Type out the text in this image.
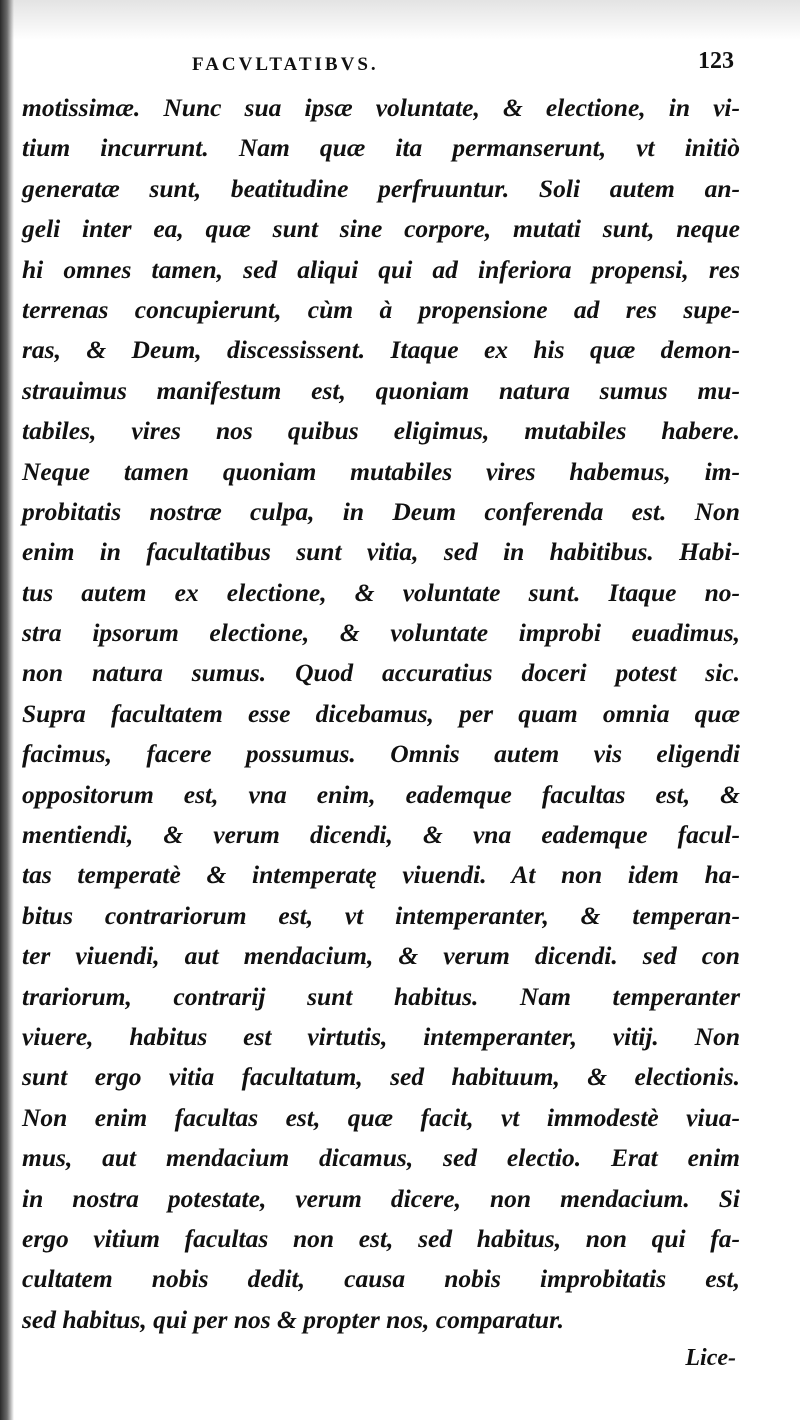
FACVLTATIBVS.	123
motissimæ. Nunc sua ipsæ voluntate, & electione, in vi-
tium incurrunt. Nam quæ ita permanserunt, vt initiò
generatæ sunt, beatitudine perfruuntur. Soli autem an-
geli inter ea, quæ sunt sine corpore, mutati sunt, neque
hi omnes tamen, sed aliqui qui ad inferiora propensi, res
terrenas concupierunt, cùm à propensione ad res supe-
ras, & Deum, discessissent. Itaque ex his quæ demon-
strauimus manifestum est, quoniam natura sumus mu-
tabiles, vires nos quibus eligimus, mutabiles habere.
Neque tamen quoniam mutabiles vires habemus, im-
probitatis nostræ culpa, in Deum conferenda est. Non
enim in facultatibus sunt vitia, sed in habitibus. Habi-
tus autem ex electione, & voluntate sunt. Itaque no-
stra ipsorum electione, & voluntate improbi euadimus,
non natura sumus. Quod accuratius doceri potest sic.
Supra facultatem esse dicebamus, per quam omnia quæ
facimus, facere possumus. Omnis autem vis eligendi
oppositorum est, vna enim, eademque facultas est, &
mentiendi, & verum dicendi, & vna eademque facul-
tas temperatè & intemperatę viuendi. At non idem ha-
bitus contrariorum est, vt intemperanter, & temperan-
ter viuendi, aut mendacium, & verum dicendi. sed con
trariorum, contrarij sunt habitus. Nam temperanter
viuere, habitus est virtutis, intemperanter, vitij. Non
sunt ergo vitia facultatum, sed habituum, & electionis.
Non enim facultas est, quæ facit, vt immodestè viua-
mus, aut mendacium dicamus, sed electio. Erat enim
in nostra potestate, verum dicere, non mendacium. Si
ergo vitium facultas non est, sed habitus, non qui fa-
cultatem nobis dedit, causa nobis improbitatis est,
sed habitus, qui per nos & propter nos, comparatur.
Lice-
